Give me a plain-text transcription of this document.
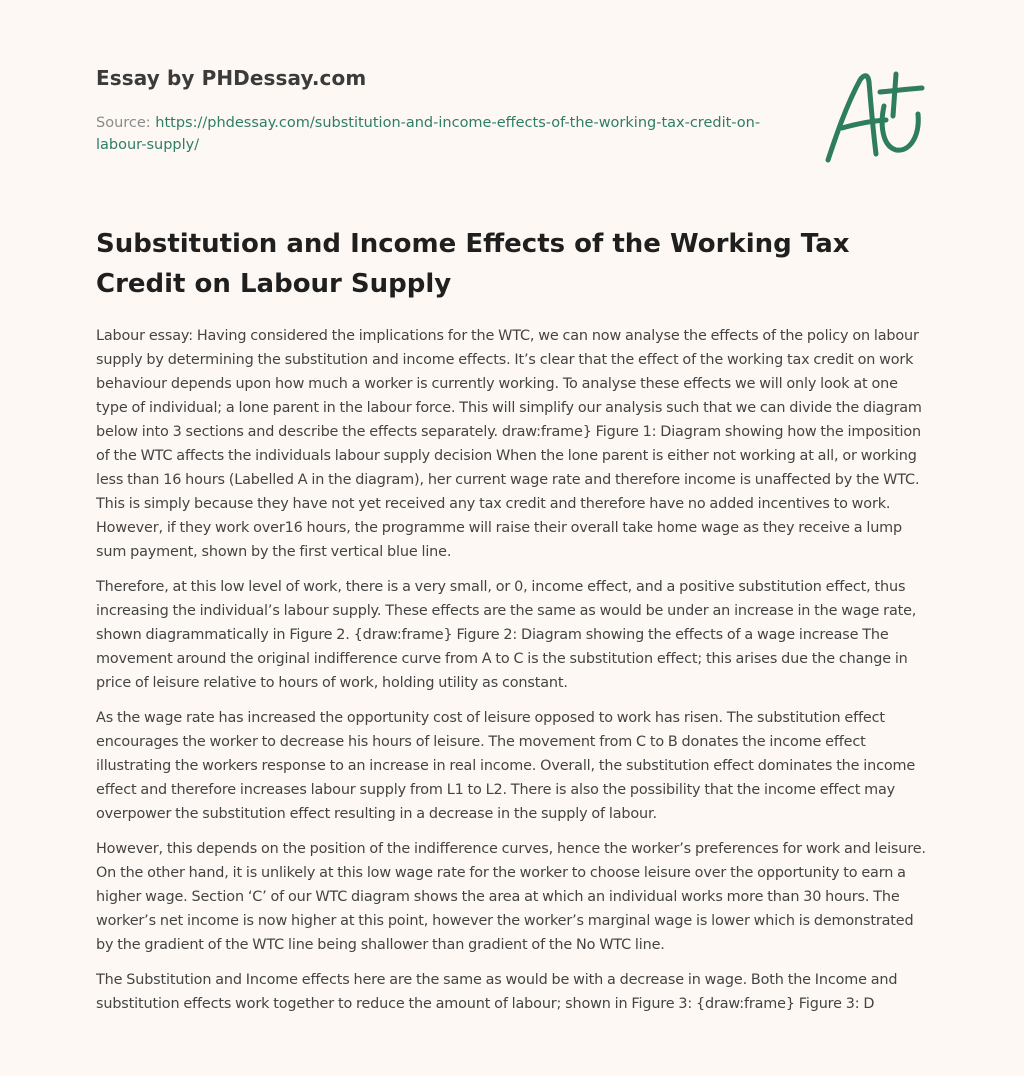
Essay by PHDessay.com
Source: https://phdessay.com/substitution-and-income-effects-of-the-working-tax-credit-on-labour-supply/
Substitution and Income Effects of the Working Tax Credit on Labour Supply

Labour essay: Having considered the implications for the WTC, we can now analyse the effects of the policy on labour supply by determining the substitution and income effects. It’s clear that the effect of the working tax credit on work behaviour depends upon how much a worker is currently working. To analyse these effects we will only look at one type of individual; a lone parent in the labour force. This will simplify our analysis such that we can divide the diagram below into 3 sections and describe the effects separately. draw:frame} Figure 1: Diagram showing how the imposition of the WTC affects the individuals labour supply decision When the lone parent is either not working at all, or working less than 16 hours (Labelled A in the diagram), her current wage rate and therefore income is unaffected by the WTC. This is simply because they have not yet received any tax credit and therefore have no added incentives to work. However, if they work over16 hours, the programme will raise their overall take home wage as they receive a lump sum payment, shown by the first vertical blue line.

Therefore, at this low level of work, there is a very small, or 0, income effect, and a positive substitution effect, thus increasing the individual’s labour supply. These effects are the same as would be under an increase in the wage rate, shown diagrammatically in Figure 2. {draw:frame} Figure 2: Diagram showing the effects of a wage increase The movement around the original indifference curve from A to C is the substitution effect; this arises due the change in price of leisure relative to hours of work, holding utility as constant.

As the wage rate has increased the opportunity cost of leisure opposed to work has risen. The substitution effect encourages the worker to decrease his hours of leisure. The movement from C to B donates the income effect illustrating the workers response to an increase in real income. Overall, the substitution effect dominates the income effect and therefore increases labour supply from L1 to L2. There is also the possibility that the income effect may overpower the substitution effect resulting in a decrease in the supply of labour.

However, this depends on the position of the indifference curves, hence the worker’s preferences for work and leisure. On the other hand, it is unlikely at this low wage rate for the worker to choose leisure over the opportunity to earn a higher wage. Section ‘C’ of our WTC diagram shows the area at which an individual works more than 30 hours. The worker’s net income is now higher at this point, however the worker’s marginal wage is lower which is demonstrated by the gradient of the WTC line being shallower than gradient of the No WTC line.

The Substitution and Income effects here are the same as would be with a decrease in wage. Both the Income and substitution effects work together to reduce the amount of labour; shown in Figure 3: {draw:frame} Figure 3: D
